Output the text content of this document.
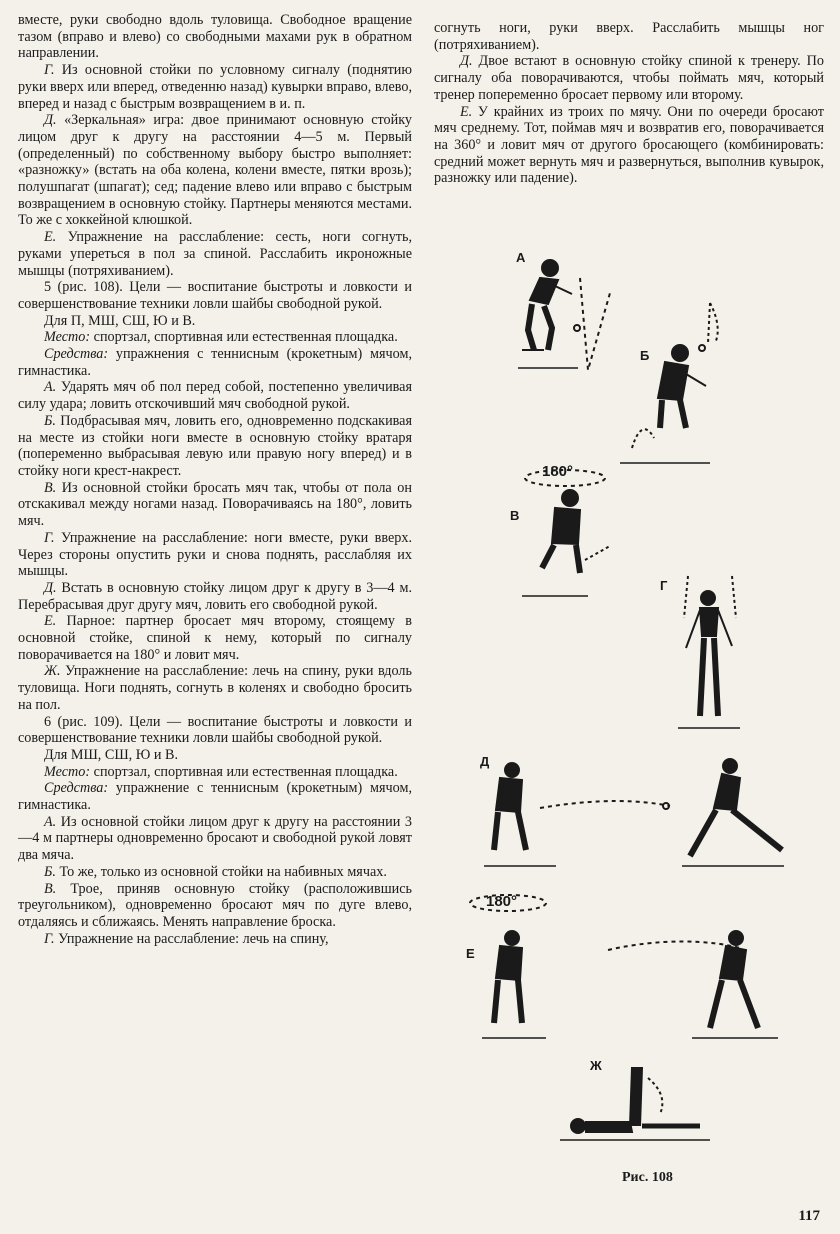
вместе, руки свободно вдоль туловища. Свободное вращение тазом (вправо и влево) со свободными махами рук в обратном направлении.

Г. Из основной стойки по условному сигналу (поднятию руки вверх или вперед, отведенню назад) кувырки вправо, влево, вперед и назад с быстрым возвращением в и. п.

Д. «Зеркальная» игра: двое принимают основную стойку лицом друг к другу на расстоянии 4—5 м. Первый (определенный) по собственному выбору быстро выполняет: «разножку» (встать на оба колена, колени вместе, пятки врозь); полушпагат (шпагат); сед; падение влево или вправо с быстрым возвращением в основную стойку. Партнеры меняются местами. То же с хоккейной клюшкой.

Е. Упражнение на расслабление: сесть, ноги согнуть, руками упереться в пол за спиной. Расслабить икроножные мышцы (потряхиванием).

5 (рис. 108). Цели — воспитание быстроты и ловкости и совершенствование техники ловли шайбы свободной рукой.

Для П, МШ, СШ, Ю и В.

Место: спортзал, спортивная или естественная площадка.

Средства: упражнения с теннисным (крокетным) мячом, гимнастика.

А. Ударять мяч об пол перед собой, постепенно увеличивая силу удара; ловить отскочивший мяч свободной рукой.

Б. Подбрасывая мяч, ловить его, одновременно подскакивая на месте из стойки ноги вместе в основную стойку вратаря (попеременно выбрасывая левую или правую ногу вперед) и в стойку ноги крест-накрест.

В. Из основной стойки бросать мяч так, чтобы от пола он отскакивал между ногами назад. Поворачиваясь на 180°, ловить мяч.

Г. Упражнение на расслабление: ноги вместе, руки вверх. Через стороны опустить руки и снова поднять, расслабляя их мышцы.

Д. Встать в основную стойку лицом друг к другу в 3—4 м. Перебрасывая друг другу мяч, ловить его свободной рукой.

Е. Парное: партнер бросает мяч второму, стоящему в основной стойке, спиной к нему, который по сигналу поворачивается на 180° и ловит мяч.

Ж. Упражнение на расслабление: лечь на спину, руки вдоль туловища. Ноги поднять, согнуть в коленях и свободно бросить на пол.

6 (рис. 109). Цели — воспитание быстроты и ловкости и совершенствование техники ловли шайбы свободной рукой.

Для МШ, СШ, Ю и В.

Место: спортзал, спортивная или естественная площадка.

Средства: упражнение с теннисным (крокетным) мячом, гимнастика.

А. Из основной стойки лицом друг к другу на расстоянии 3—4 м партнеры одновременно бросают и свободной рукой ловят два мяча.

Б. То же, только из основной стойки на набивных мячах.

В. Трое, приняв основную стойку (расположившись треугольником), одновременно бросают мяч по дуге влево, отдаляясь и сближаясь. Менять направление броска.

Г. Упражнение на расслабление: лечь на спину,

согнуть ноги, руки вверх. Расслабить мышцы ног (потряхиванием).

Д. Двое встают в основную стойку спиной к тренеру. По сигналу оба поворачиваются, чтобы поймать мяч, который тренер попеременно бросает первому или второму.

Е. У крайних из троих по мячу. Они по очереди бросают мяч среднему. Тот, поймав мяч и возвратив его, поворачивается на 360° и ловит мяч от другого бросающего (комбинировать: средний может вернуть мяч и развернуться, выполнив кувырок, разножку или падение).

А
Б
180°
В
Г
Д
180°
Е
Ж
Рис. 108
117
